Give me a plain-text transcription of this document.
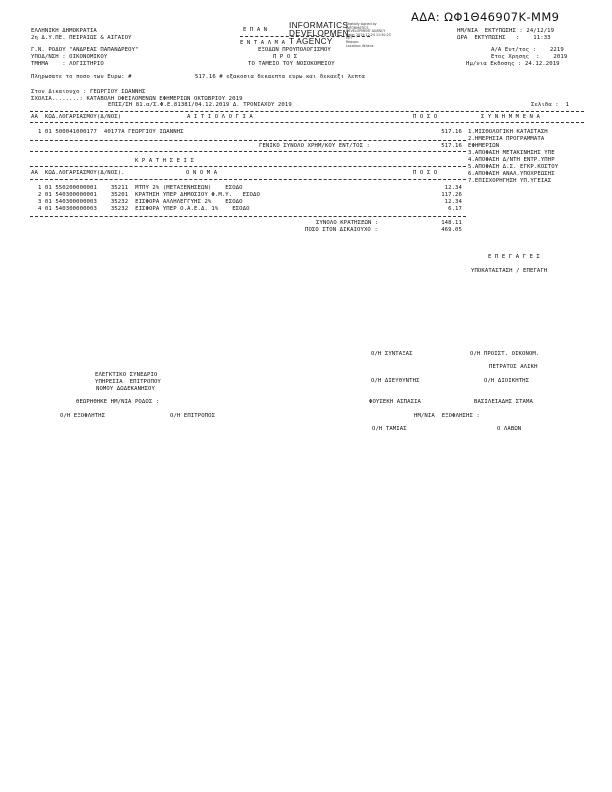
ΑΔΑ: ΩΦ1Θ46907Κ-ΜΜ9
ΕΛΛΗΝΙΚΗ ΔΗΜΟΚΡΑΤΙΑ
2η Δ.Υ.ΠΕ. ΠΕΙΡΑΙΩΣ & ΑΙΓΑΙΟΥ
Γ.Ν. ΡΟΔΟΥ "ΑΝΔΡΕΑΣ ΠΑΠΑΝΔΡΕΟΥ"
ΥΠΟΔ/ΝΣΗ : ΟΙΚΟΝΟΜΙΚΟΥ
ΤΜΗΜΑ    : ΛΟΓΙΣΤΗΡΙΟ
Ε Π Α Ν
Ε Ν Τ Α Λ Μ Α
ΕΞΟΔΩΝ ΠΡΟΥΠΟΛΟΓΙΣΜΟΥ
Π Ρ Ο Σ
ΤΟ ΤΑΜΕΙΟ ΤΟΥ ΝΟΣΟΚΟΜΕΙΟΥ
INFORMATICS
DEVELOPMEN
T AGENCY
Digitally signed by
INFORMATICS
DEVELOPMENT AGENCY
Date: 2019.12.24 11:50:23
EET
Reason:
Location: Athens
ΗΜ/ΝΙΑ  ΕΚΤΥΠΩΣΗΣ : 24/12/19
ΩΡΑ  ΕΚΤΥΠΩΣΗΣ   :    11:33
Α/Α Εντ/τος :    2219
Ετος Χρησης  :    2019
Ημ/νια Εκδοσης : 24.12.2019
Πληρωσατε το ποσο των Ευρω: #	517.16 # εξακοσια δεκαεπτα ευρω και δεκαεξι λεπτα
Στον Δικαιουχο : ΓΕΩΡΓΙΟΥ ΙΩΑΝΝΗΣ
ΣΧΟΛΙΑ........: ΚΑΤΑΒΟΛΗ ΟΦΕΙΛΟΜΕΝΩΝ ΕΦΗΜΕΡΙΩΝ ΟΚΤΩΒΡΙΟΥ 2019
ΕΠΙΣ/ΣΗ 81.α/Σ.Φ.Ε.81381/04.12.2019 Δ. ΤΡΟΝΙΑΧΟΥ 2019	Σελιδα :  1
ΑΑ  ΚΩΔ.ΛΟΓΑΡΙΑΣΜΟΥ(Δ/ΝΟΣ)	Α Ι Τ Ι Ο Λ Ο Γ Ι Α	Π Ο Σ Ο	Σ Υ Ν Η Μ Μ Ε Ν Α
1 01 500041000177  40177Α ΓΕΩΡΓΙΟΥ ΙΩΑΝΝΗΣ	517.16
ΓΕΝΙΚΟ ΣΥΝΟΛΟ ΧΡΗΜ/ΚΟΥ ΕΝΤ/ΤΟΣ :	517.16
1.ΜΙΣΘΟΛΟΓΙΚΗ ΚΑΤΑΣΤΑΣΗ
2.ΗΜΕΡΗΣΙΑ ΠΡΟΓΡΑΜΜΑΤΑ
ΕΦΗΜΕΡΙΩΝ
3.ΑΠΟΦΑΣΗ ΜΕΤΑΚΙΝΗΣΗΣ ΥΠΕ
4.ΑΠΟΦΑΣΗ Δ/ΝΤΗ ΕΝΤΡ.ΥΠΗΡ
5.ΑΠΟΦΑΣΗ Δ.Σ. ΕΓΚΡ.ΚΟΣΤΟΥ
6.ΑΠΟΦΑΣΗ ΑΝΑΛ.ΥΠΟΧΡΕΩΣΗΣ
7.ΕΠΙΣΧΟΡΗΓΗΣΗ ΥΠ.ΥΓΕΙΑΣ
Κ Ρ Α Τ Η Σ Ε Ι Σ
ΑΑ  ΚΩΔ.ΛΟΓΑΡΙΑΣΜΟΥ(Δ/ΝΟΣ).	Ο Ν Ο Μ Α	Π Ο Σ Ο
1 01 550200000001    35211  ΜΤΠΥ 2% (ΜΕΤΑΞΕΝΗΣΕΩΝ)    ΕΣΟΔΟ	12.34
2 01 540300000001    35201  ΚΡΑΤΗΣΗ ΥΠΕΡ ΔΗΜΟΣΙΟΥ Φ.Μ.Υ.   ΕΣΟΔΟ	117.26
3 01 540300000003    35232  ΕΙΣΦΟΡΑ ΑΛΛΗΛΕΓΓΥΗΣ 2%    ΕΣΟΔΟ	12.34
4 01 540300000003    35232  ΕΙΣΦΟΡΑ ΥΠΕΡ Ο.Α.Ε.Δ. 1%    ΕΣΟΔΟ	6.17
ΣΥΝΟΛΟ ΚΡΑΤΗΣΕΩΝ :	148.11
ΠΟΣΟ ΣΤΟΝ ΔΙΚΑΙΟΥΧΟ :	469.05
Ε Π Ε Γ Α Γ Ε Σ
ΥΠΟΚΑΤΑΣΤΑΣΗ / ΕΠΕΓΑΓΗ
Ο/Η ΣΥΝΤΑΞΑΣ	Ο/Η ΠΡΟΙΣΤ. ΟΙΚΟΝΟΜ.
ΠΕΤΡΑΤΟΣ ΑΛΙΚΗ
ΕΛΕΓΚΤΙΚΟ ΣΥΝΕΔΡΙΟ
ΥΠΗΡΕΣΙΑ  ΕΠΙΤΡΟΠΟΥ
ΝΟΜΟΥ ΔΩΔΕΚΑΝΗΣΟΥ
Ο/Η ΔΙΕΥΘΥΝΤΗΣ	Ο/Η ΔΙΟΙΚΗΤΗΣ
ΘΕΩΡΗΘΗΚΕ ΗΜ/ΝΙΑ ΡΟΔΟΣ :	ΦΟΥΣΕΚΗ ΑΣΠΑΣΙΑ	ΒΑΣΙΛΕΙΑΔΗΣ ΣΤΑΜΑ
Ο/Η ΕΞΟΦΛΗΤΗΣ	Ο/Η ΕΠΙΤΡΟΠΟΣ	ΗΜ/ΝΙΑ  ΕΞΟΦΛΗΣΗΣ :
Ο/Η ΤΑΜΙΑΣ	Ο ΛΑΒΩΝ
